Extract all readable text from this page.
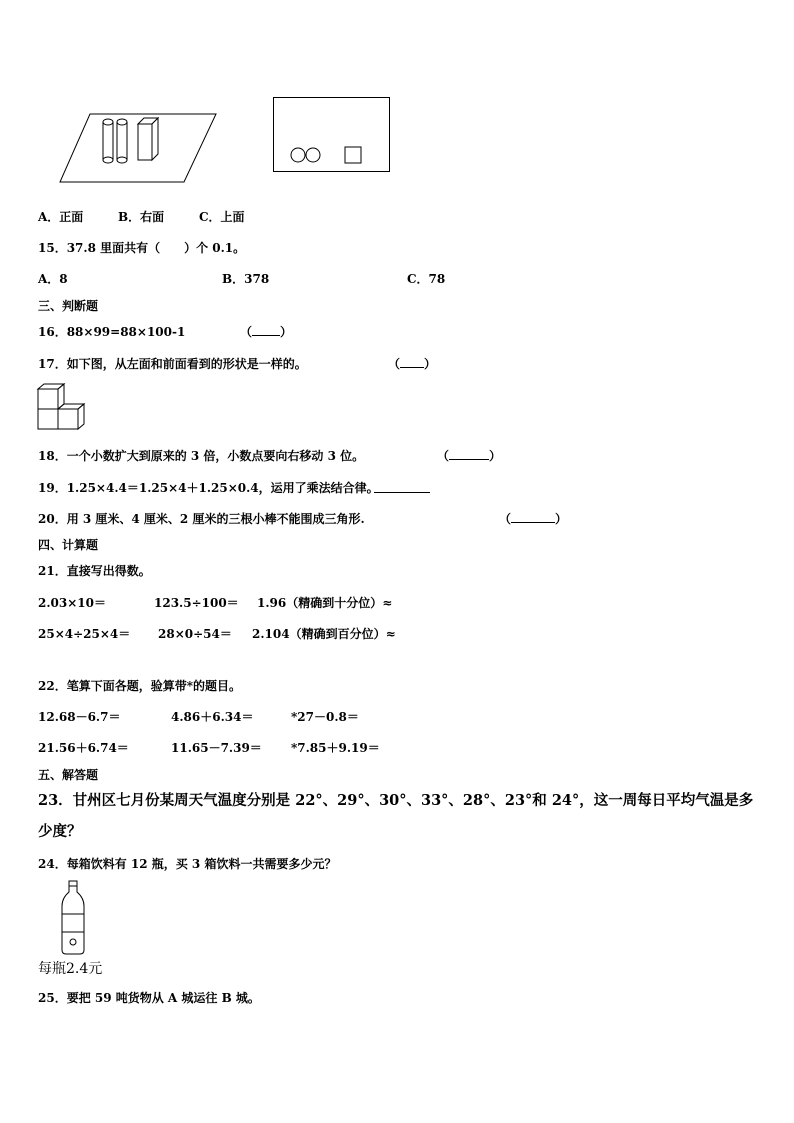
A．正面	B．右面	C．上面
15．37.8 里面共有（　　）个 0.1。
A．8	B．378	C．78
三、判断题
16．88×99=88×100-1	（ ）
17．如下图，从左面和前面看到的形状是一样的。	（ ）
18．一个小数扩大到原来的 3 倍，小数点要向右移动 3 位。	（	）
19．1.25×4.4＝1.25×4＋1.25×0.4，运用了乘法结合律。
20．用 3 厘米、4 厘米、2 厘米的三根小棒不能围成三角形.	（	）
四、计算题
21．直接写出得数。
2.03×10＝	123.5÷100＝ 1.96（精确到十分位）≈
25×4÷25×4＝ 28×0÷54＝ 2.104（精确到百分位）≈
22．笔算下面各题，验算带*的题目。
12.68－6.7＝	4.86＋6.34＝	*27－0.8＝
21.56＋6.74＝	11.65－7.39＝ *7.85＋9.19＝
五、解答题
23．甘州区七月份某周天气温度分别是 22°、29°、30°、33°、28°、23°和 24°，这一周每日平均气温是多
少度？
24．每箱饮料有 12 瓶，买 3 箱饮料一共需要多少元？
每瓶2.4元
25．要把 59 吨货物从 A 城运往 B 城。
